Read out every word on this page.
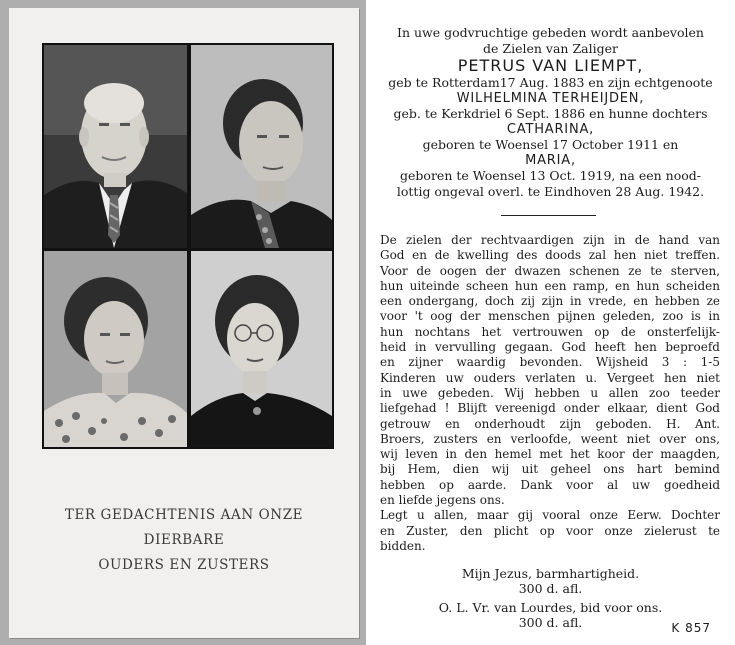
TER GEDACHTENIS AAN ONZE
DIERBARE
OUDERS EN ZUSTERS
In uwe godvruchtige gebeden wordt aanbevolen
de Zielen van Zaliger
PETRUS VAN LIEMPT,
geb te Rotterdam17 Aug. 1883 en zijn echtgenoote
WILHELMINA TERHEIJDEN,
geb. te Kerkdriel 6 Sept. 1886 en hunne dochters
CATHARINA,
geboren te Woensel 17 October 1911 en
MARIA,
geboren te Woensel 13 Oct. 1919, na een nood-
lottig ongeval overl. te Eindhoven 28 Aug. 1942.
De zielen der rechtvaardigen zijn in de hand van
God en de kwelling des doods zal hen niet treffen.
Voor de oogen der dwazen schenen ze te sterven,
hun uiteinde scheen hun een ramp, en hun scheiden
een ondergang, doch zij zijn in vrede, en hebben ze
voor 't oog der menschen pijnen geleden, zoo is in
hun nochtans het vertrouwen op de onsterfelijk-
heid in vervulling gegaan. God heeft hen beproefd
en zijner waardig bevonden. Wijsheid 3 : 1-5
Kinderen uw ouders verlaten u. Vergeet hen niet
in uwe gebeden. Wij hebben u allen zoo teeder
liefgehad ! Blijft vereenigd onder elkaar, dient God
getrouw en onderhoudt zijn geboden. H. Ant.
Broers, zusters en verloofde, weent niet over ons,
wij leven in den hemel met het koor der maagden,
bij Hem, dien wij uit geheel ons hart bemind
hebben op aarde. Dank voor al uw goedheid
en liefde jegens ons.
Legt u allen, maar gij vooral onze Eerw. Dochter
en Zuster, den plicht op voor onze zielerust te
bidden.
Mijn Jezus, barmhartigheid.
300 d. afl.
O. L. Vr. van Lourdes, bid voor ons.
300 d. afl.	K 857
